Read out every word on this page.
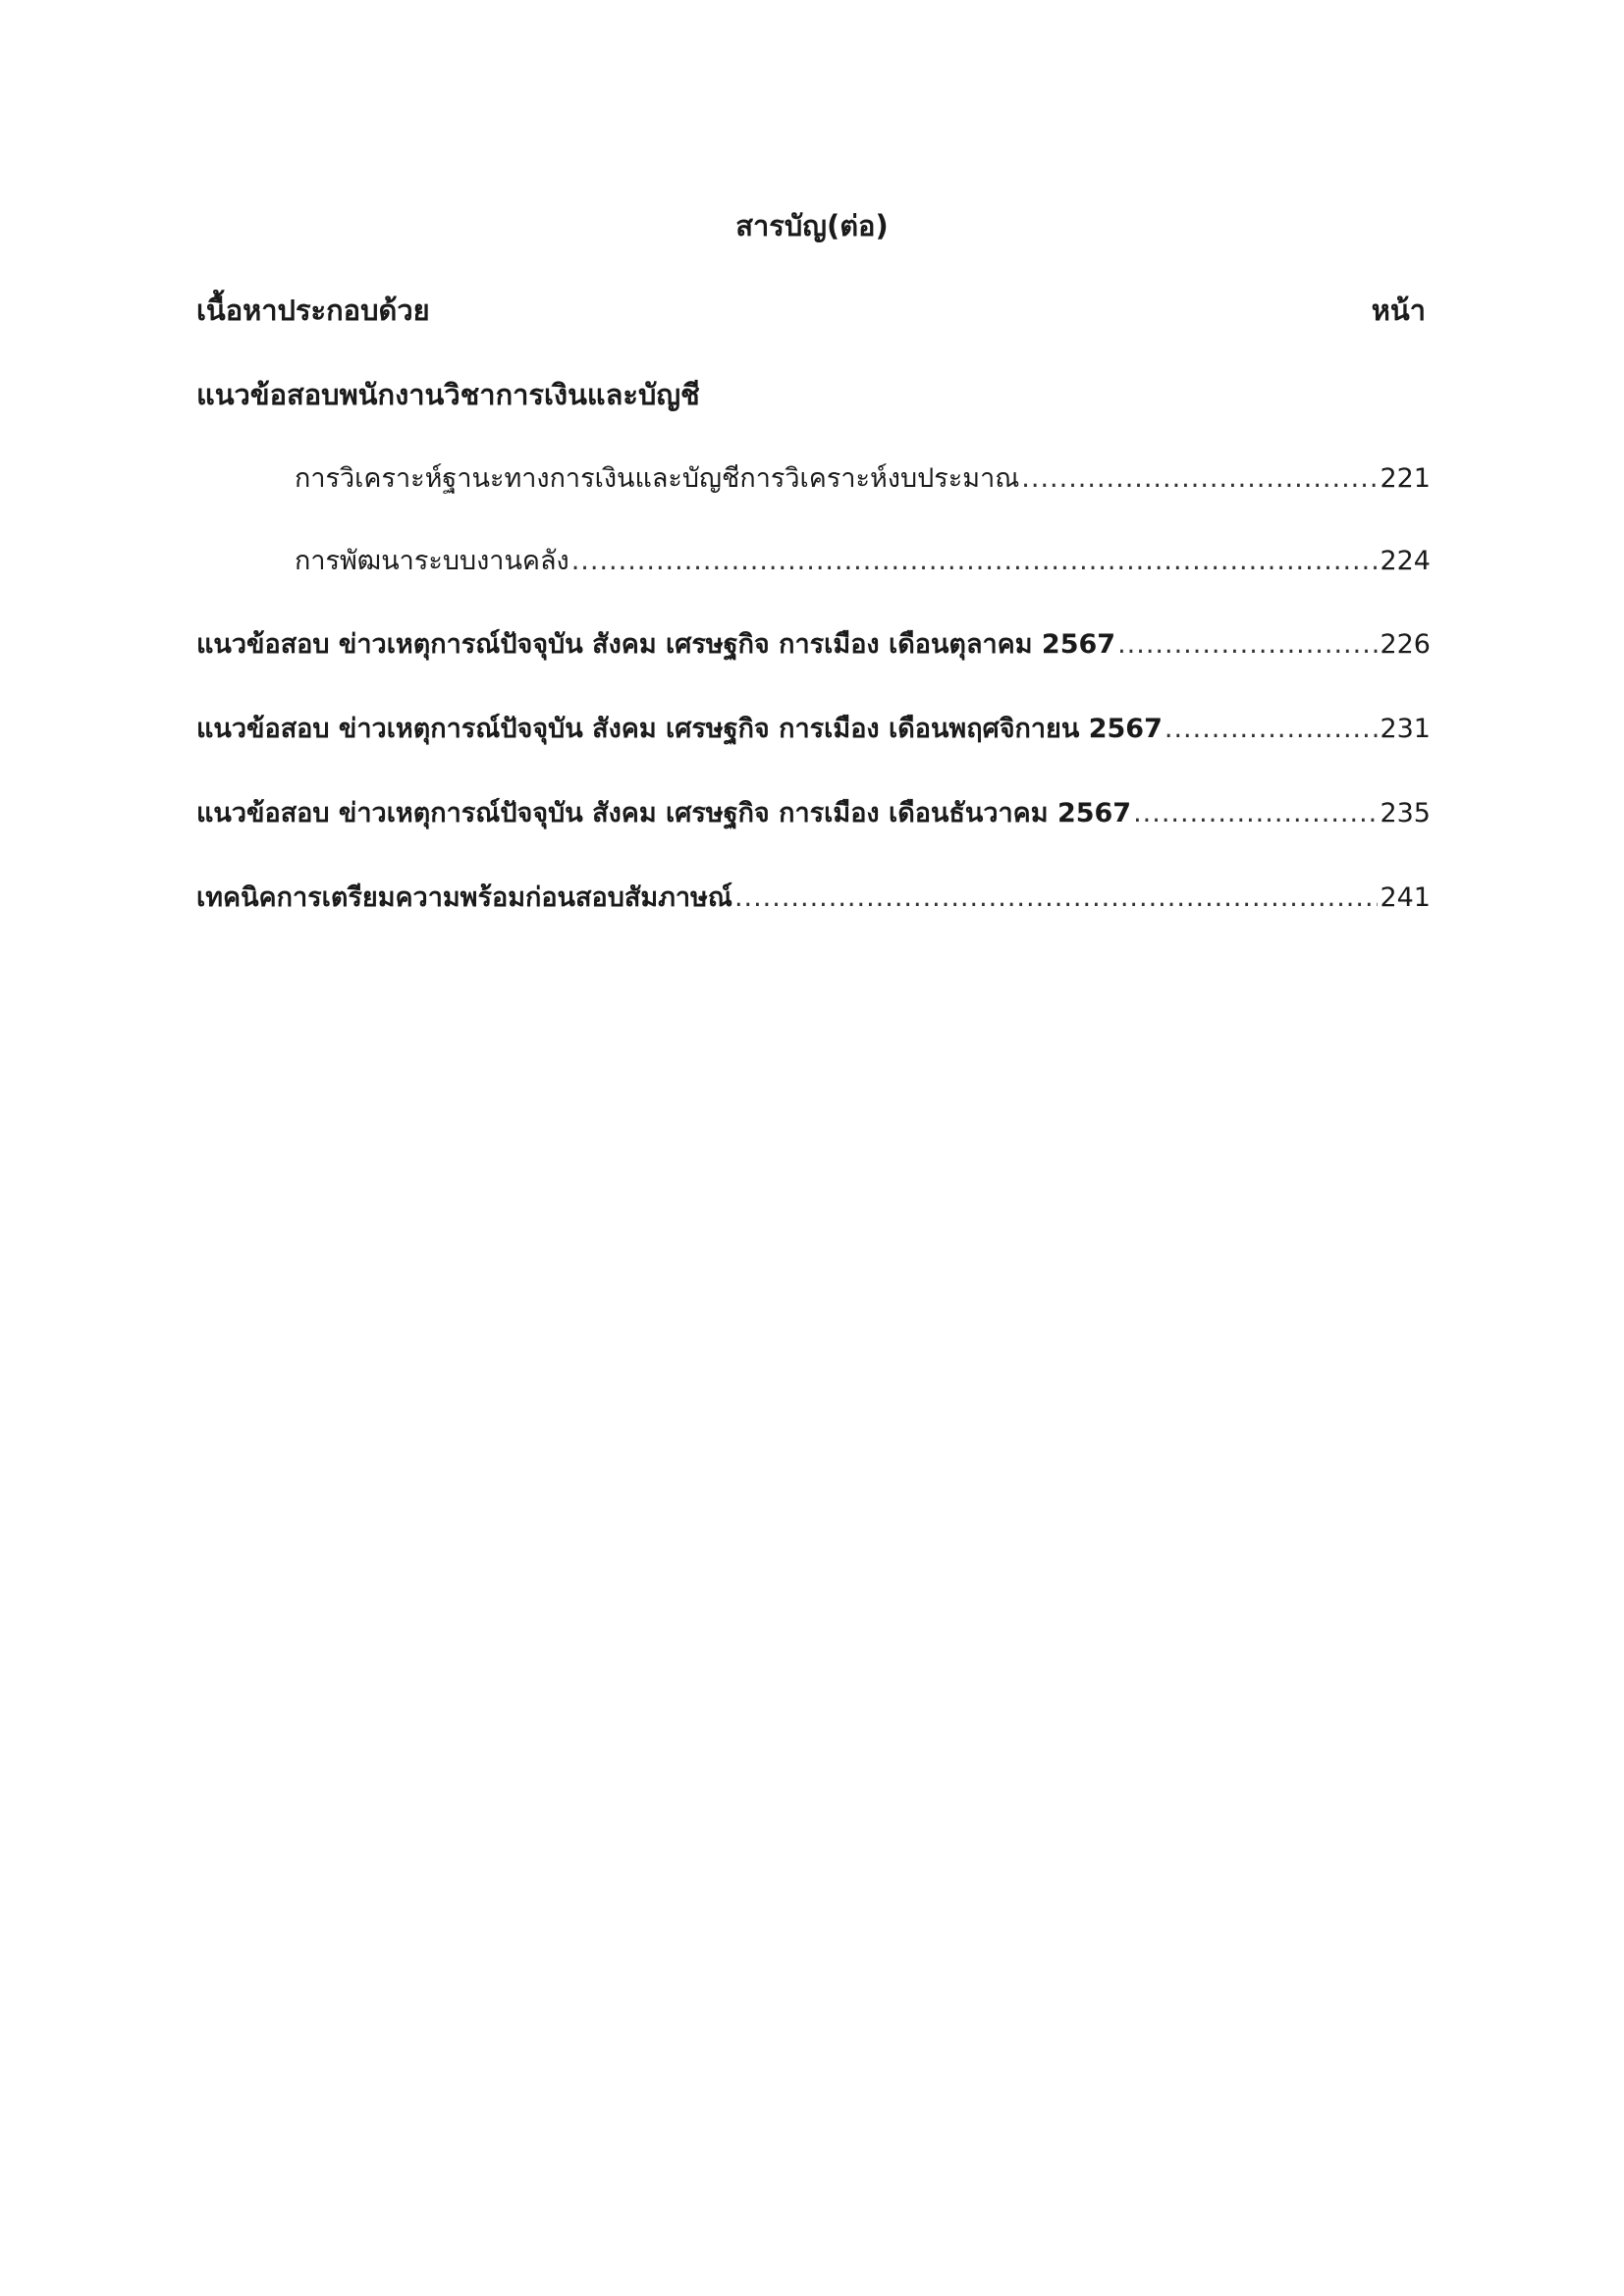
สารบัญ(ต่อ)
เนื้อหาประกอบด้วย	หน้า
แนวข้อสอบพนักงานวิชาการเงินและบัญชี
การวิเคราะห์ฐานะทางการเงินและบัญชีการวิเคราะห์งบประมาณ .....	221
การพัฒนาระบบงานคลัง .....	224
แนวข้อสอบ ข่าวเหตุการณ์ปัจจุบัน สังคม เศรษฐกิจ การเมือง เดือนตุลาคม 2567 .....	226
แนวข้อสอบ ข่าวเหตุการณ์ปัจจุบัน สังคม เศรษฐกิจ การเมือง เดือนพฤศจิกายน 2567 .....	231
แนวข้อสอบ ข่าวเหตุการณ์ปัจจุบัน สังคม เศรษฐกิจ การเมือง เดือนธันวาคม 2567 .....	235
เทคนิคการเตรียมความพร้อมก่อนสอบสัมภาษณ์ .....	241
